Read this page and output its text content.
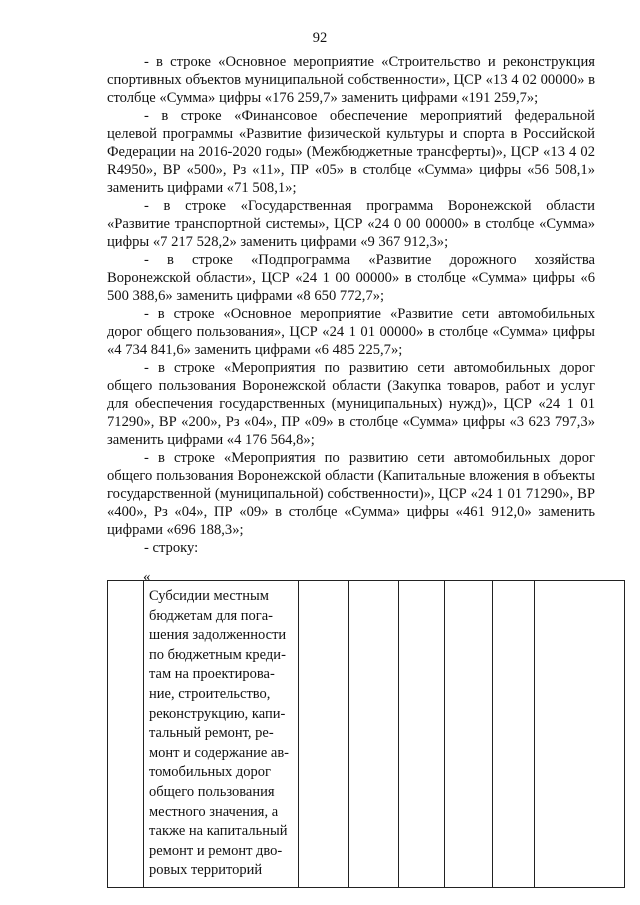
92

- в строке «Основное мероприятие «Строительство и реконструкция спортивных объектов муниципальной собственности», ЦСР «13 4 02 00000» в столбце «Сумма» цифры «176 259,7» заменить цифрами «191 259,7»;

- в строке «Финансовое обеспечение мероприятий федеральной целевой программы «Развитие физической культуры и спорта в Российской Федерации на 2016-2020 годы» (Межбюджетные трансферты)», ЦСР «13 4 02 R4950», ВР «500», Рз «11», ПР «05» в столбце «Сумма» цифры «56 508,1» заменить цифрами «71 508,1»;

- в строке «Государственная программа Воронежской области «Развитие транспортной системы», ЦСР «24 0 00 00000» в столбце «Сумма» цифры «7 217 528,2» заменить цифрами «9 367 912,3»;

- в строке «Подпрограмма «Развитие дорожного хозяйства Воронежской области», ЦСР «24 1 00 00000» в столбце «Сумма» цифры «6 500 388,6» заменить цифрами «8 650 772,7»;

- в строке «Основное мероприятие «Развитие сети автомобильных дорог общего пользования», ЦСР «24 1 01 00000» в столбце «Сумма» цифры «4 734 841,6» заменить цифрами «6 485 225,7»;

- в строке «Мероприятия по развитию сети автомобильных дорог общего пользования Воронежской области (Закупка товаров, работ и услуг для обеспечения государственных (муниципальных) нужд)», ЦСР «24 1 01 71290», ВР «200», Рз «04», ПР «09» в столбце «Сумма» цифры «3 623 797,3» заменить цифрами «4 176 564,8»;

- в строке «Мероприятия по развитию сети автомобильных дорог общего пользования Воронежской области (Капитальные вложения в объекты государственной (муниципальной) собственности)», ЦСР «24 1 01 71290», ВР «400», Рз «04», ПР «09» в столбце «Сумма» цифры «461 912,0» заменить цифрами «696 188,3»;

- строку:

«

Субсидии местным
бюджетам для пога-
шения задолженности
по бюджетным креди-
там на проектирова-
ние, строительство,
реконструкцию, капи-
тальный ремонт, ре-
монт и содержание ав-
томобильных дорог
общего пользования
местного значения, а
также на капитальный
ремонт и ремонт дво-
ровых территорий
